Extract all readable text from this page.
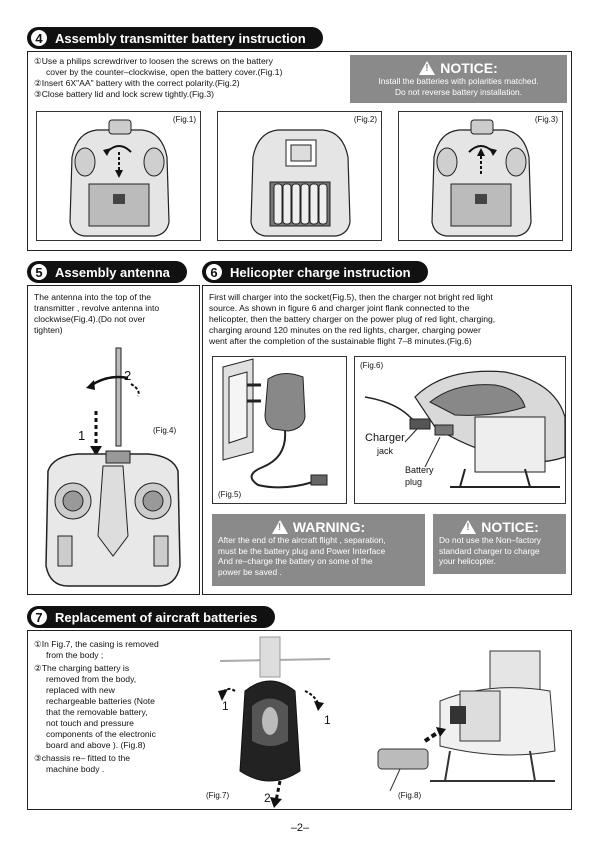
4 Assembly transmitter battery instruction
①Use a philips screwdriver to loosen the screws on the battery
cover by the counter–clockwise, open the battery cover.(Fig.1)
②Insert 6X"AA" battery with the correct polarity.(Fig.2)
③Close battery lid and lock screw tightly.(Fig.3)
!
NOTICE:
Install the batteries with polarities matched.
Do not reverse battery installation.
(Fig.1)	(Fig.2)	(Fig.3)
5 Assembly antenna
The antenna into the top of the
transmitter , revolve antenna into
clockwise(Fig.4).(Do not over
tighten)
(Fig.4)
2
1
6 Helicopter charge instruction
First will charger into the socket(Fig.5), then the charger not bright red light
source. As shown in figure 6 and charger joint flank connected to the
helicopter, then the battery charger on the power plug of red light, charging,
charging around 120 minutes on the red lights, charger, charging power
went after the completion of the sustainable flight 7–8 minutes.(Fig.6)
(Fig.5)
(Fig.6)
Charger
jack
Battery
plug
!
WARNING:
After the end of the aircraft flight , separation,
must be the battery plug and Power Interface
And re–charge the battery on some of the
power be saved .
!
NOTICE:
Do not use the Non–factory
standard charger to charge
your helicopter.
7 Replacement of aircraft batteries
①In Fig.7, the casing is removed
from the body ;
②The charging battery is
removed from the body,
replaced with new
rechargeable batteries (Note
that the removable battery,
not touch and pressure
components of the electronic
board and above ). (Fig.8)
③chassis re– fitted to the
machine body .
(Fig.7)	(Fig.8)
1
1
2
–2–
